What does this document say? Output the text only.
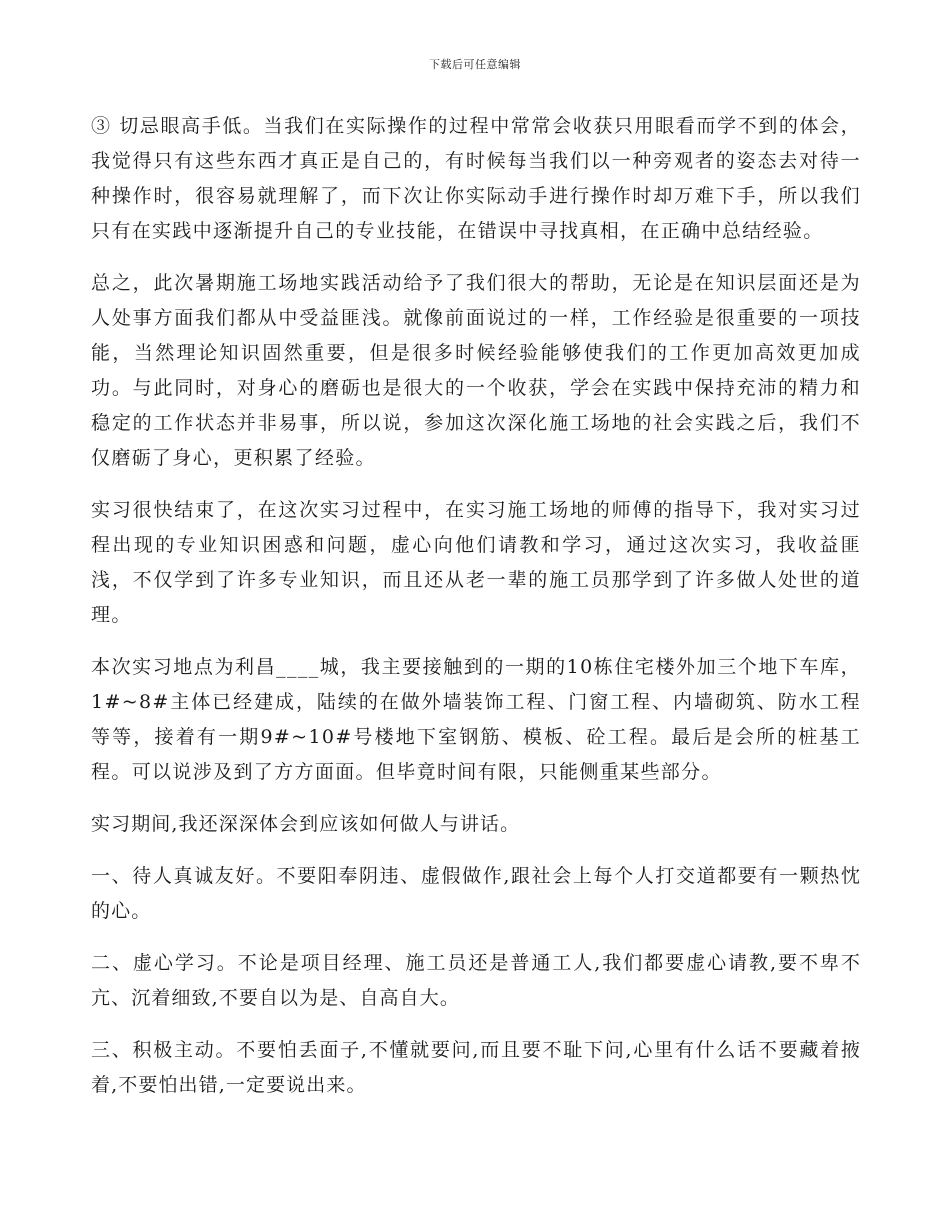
下载后可任意编辑

③ 切忌眼高手低。当我们在实际操作的过程中常常会收获只用眼看而学不到的体会，我觉得只有这些东西才真正是自己的，有时候每当我们以一种旁观者的姿态去对待一种操作时，很容易就理解了，而下次让你实际动手进行操作时却万难下手，所以我们只有在实践中逐渐提升自己的专业技能，在错误中寻找真相，在正确中总结经验。

总之，此次暑期施工场地实践活动给予了我们很大的帮助，无论是在知识层面还是为人处事方面我们都从中受益匪浅。就像前面说过的一样，工作经验是很重要的一项技能，当然理论知识固然重要，但是很多时候经验能够使我们的工作更加高效更加成功。与此同时，对身心的磨砺也是很大的一个收获，学会在实践中保持充沛的精力和稳定的工作状态并非易事，所以说，参加这次深化施工场地的社会实践之后，我们不仅磨砺了身心，更积累了经验。

实习很快结束了，在这次实习过程中，在实习施工场地的师傅的指导下，我对实习过程出现的专业知识困惑和问题，虚心向他们请教和学习，通过这次实习，我收益匪浅，不仅学到了许多专业知识，而且还从老一辈的施工员那学到了许多做人处世的道理。

本次实习地点为利昌____城，我主要接触到的一期的10栋住宅楼外加三个地下车库，1#~8#主体已经建成，陆续的在做外墙装饰工程、门窗工程、内墙砌筑、防水工程等等，接着有一期9#~10#号楼地下室钢筋、模板、砼工程。最后是会所的桩基工程。可以说涉及到了方方面面。但毕竟时间有限，只能侧重某些部分。

实习期间,我还深深体会到应该如何做人与讲话。

一、待人真诚友好。不要阳奉阴违、虚假做作,跟社会上每个人打交道都要有一颗热忱的心。

二、虚心学习。不论是项目经理、施工员还是普通工人,我们都要虚心请教,要不卑不亢、沉着细致,不要自以为是、自高自大。

三、积极主动。不要怕丢面子,不懂就要问,而且要不耻下问,心里有什么话不要藏着掖着,不要怕出错,一定要说出来。
